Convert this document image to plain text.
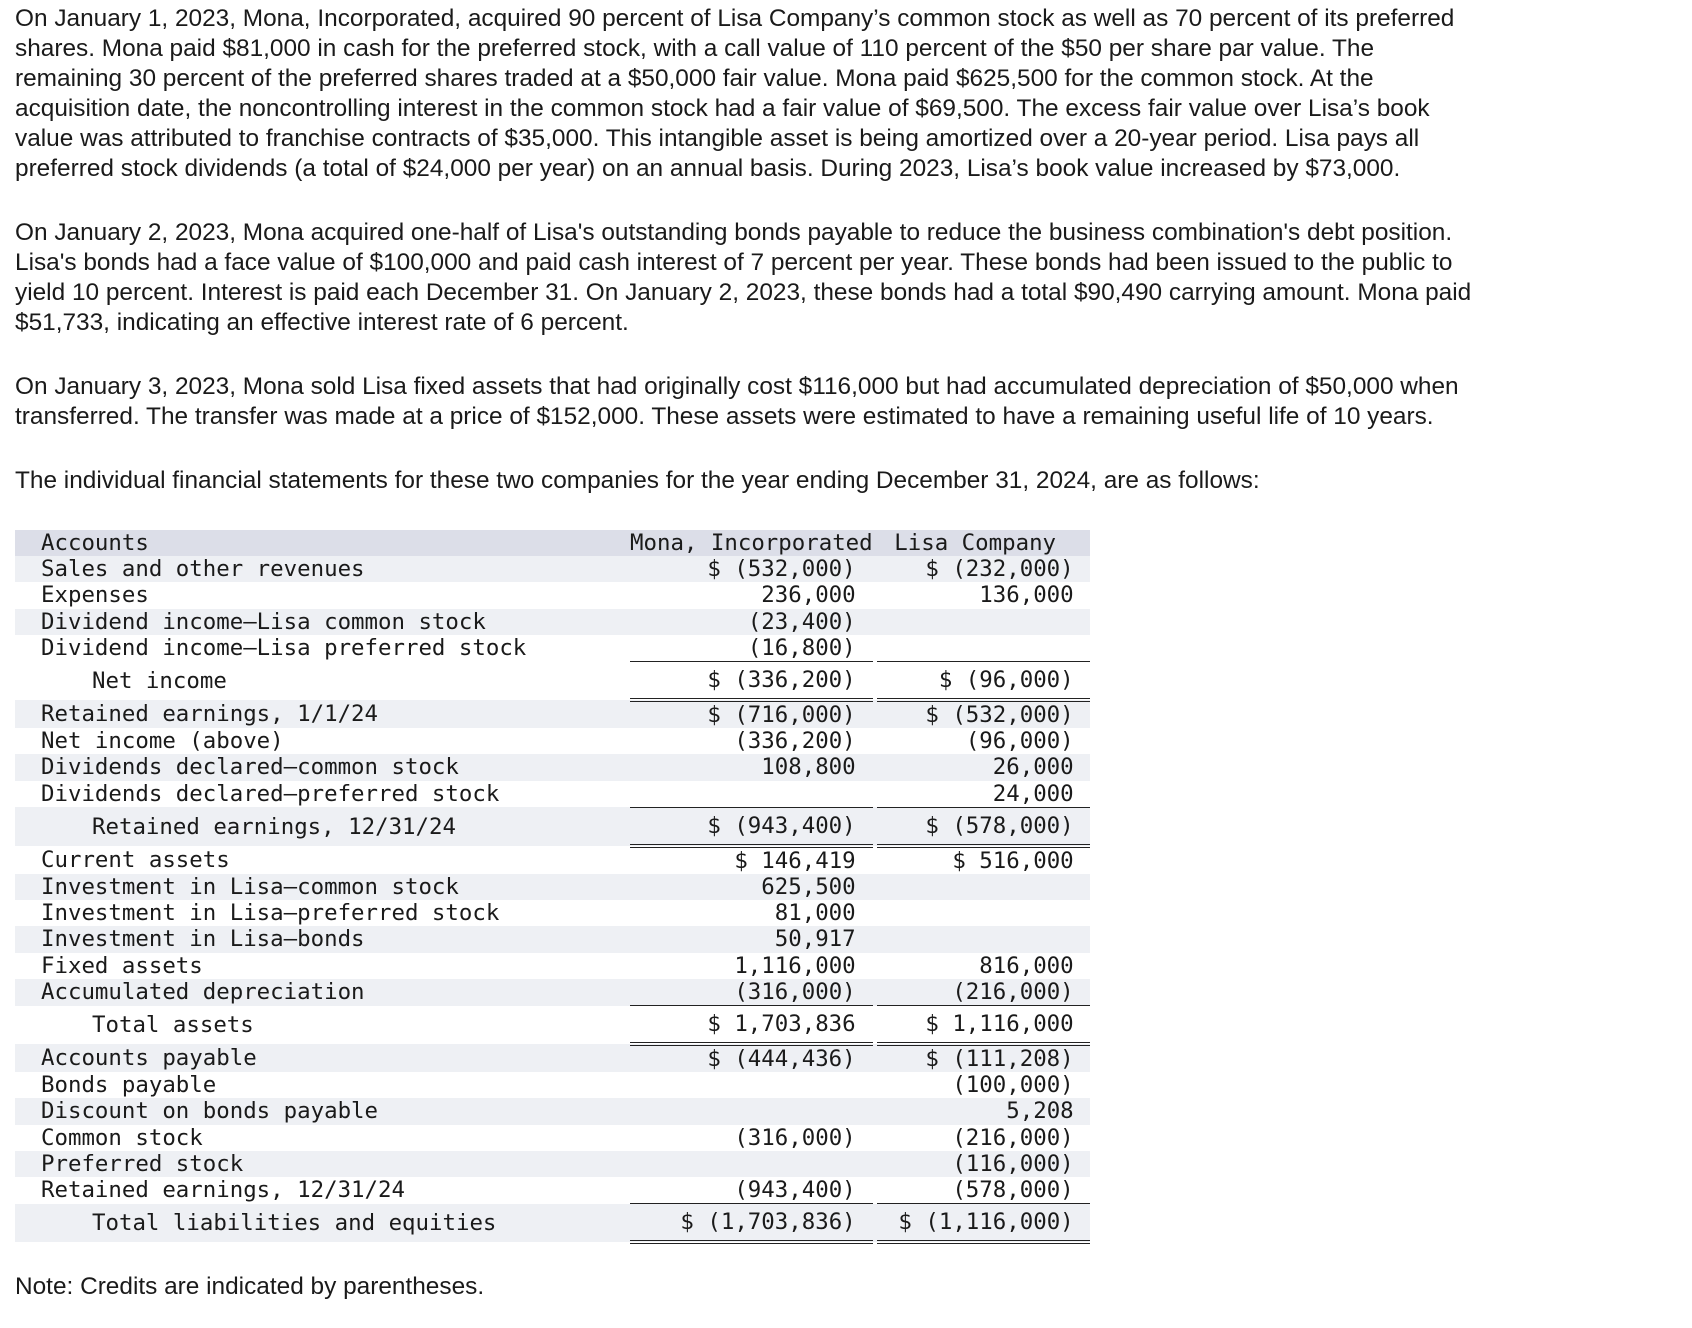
On January 1, 2023, Mona, Incorporated, acquired 90 percent of Lisa Company’s common stock as well as 70 percent of its preferred
shares. Mona paid $81,000 in cash for the preferred stock, with a call value of 110 percent of the $50 per share par value. The
remaining 30 percent of the preferred shares traded at a $50,000 fair value. Mona paid $625,500 for the common stock. At the
acquisition date, the noncontrolling interest in the common stock had a fair value of $69,500. The excess fair value over Lisa’s book
value was attributed to franchise contracts of $35,000. This intangible asset is being amortized over a 20-year period. Lisa pays all
preferred stock dividends (a total of $24,000 per year) on an annual basis. During 2023, Lisa’s book value increased by $73,000.

On January 2, 2023, Mona acquired one-half of Lisa's outstanding bonds payable to reduce the business combination's debt position.
Lisa's bonds had a face value of $100,000 and paid cash interest of 7 percent per year. These bonds had been issued to the public to
yield 10 percent. Interest is paid each December 31. On January 2, 2023, these bonds had a total $90,490 carrying amount. Mona paid
$51,733, indicating an effective interest rate of 6 percent.

On January 3, 2023, Mona sold Lisa fixed assets that had originally cost $116,000 but had accumulated depreciation of $50,000 when
transferred. The transfer was made at a price of $152,000. These assets were estimated to have a remaining useful life of 10 years.

The individual financial statements for these two companies for the year ending December 31, 2024, are as follows:

Accounts	Mona, Incorporated		Lisa Company
Sales and other revenues	$ (532,000)		$ (232,000)
Expenses	236,000		136,000
Dividend income—Lisa common stock	(23,400)		
Dividend income—Lisa preferred stock	(16,800)		
Net income	$ (336,200)		$ (96,000)
Retained earnings, 1/1/24	$ (716,000)		$ (532,000)
Net income (above)	(336,200)		(96,000)
Dividends declared—common stock	108,800		26,000
Dividends declared—preferred stock			24,000
Retained earnings, 12/31/24	$ (943,400)		$ (578,000)
Current assets	$ 146,419		$ 516,000
Investment in Lisa—common stock	625,500		
Investment in Lisa—preferred stock	81,000		
Investment in Lisa—bonds	50,917		
Fixed assets	1,116,000		816,000
Accumulated depreciation	(316,000)		(216,000)
Total assets	$ 1,703,836		$ 1,116,000
Accounts payable	$ (444,436)		$ (111,208)
Bonds payable			(100,000)
Discount on bonds payable			5,208
Common stock	(316,000)		(216,000)
Preferred stock			(116,000)
Retained earnings, 12/31/24	(943,400)		(578,000)
Total liabilities and equities	$ (1,703,836)		$ (1,116,000)
Note: Credits are indicated by parentheses.
